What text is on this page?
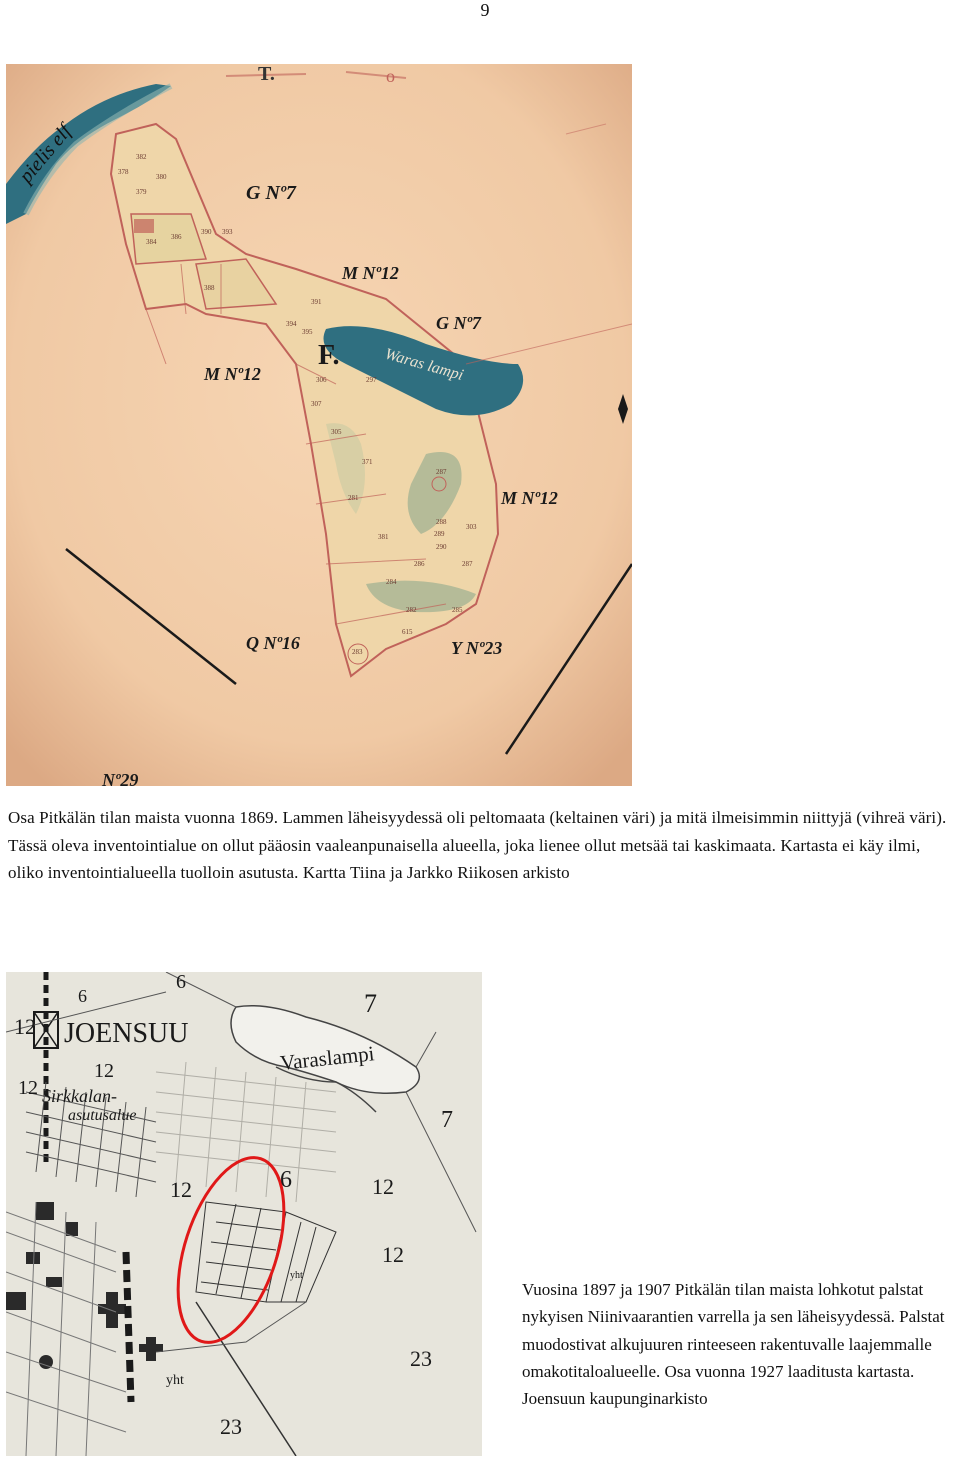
9
T.	o
382
378
380
379
386
384
388
390
391
393
394
395
297
306
307
305
371
287
288
289
290
303
381
286
284
287
281
282
283
285
615
pielis elf
G Nº7
M Nº12
G Nº7
M Nº12
F.	Waras lampi
M Nº12
Q Nº16	Y Nº23
Nº29
Osa Pitkälän tilan maista vuonna 1869. Lammen läheisyydessä oli peltomaata (keltainen väri) ja mitä ilmeisimmin niittyjä (vihreä väri). Tässä oleva inventointialue on ollut pääosin vaaleanpunaisella alueella, joka lienee ollut metsää tai kaskimaata. Kartasta ei käy ilmi, oliko inventointialueella tuolloin asutusta. Kartta Tiina ja Jarkko Riikosen arkisto
JOENSUU
Varaslampi
Sirkkalan-
asutusalue
6
6	7
12
12
12
7
12	6	12
12
23
23
yht
yht
Vuosina 1897 ja 1907 Pitkälän tilan maista lohkotut palstat nykyisen Niinivaarantien varrella ja sen läheisyydessä. Palstat muodostivat alkujuuren rinteeseen rakentuvalle laajemmalle omakotitaloalueelle. Osa vuonna 1927 laaditusta kartasta. Joensuun kaupunginarkisto
